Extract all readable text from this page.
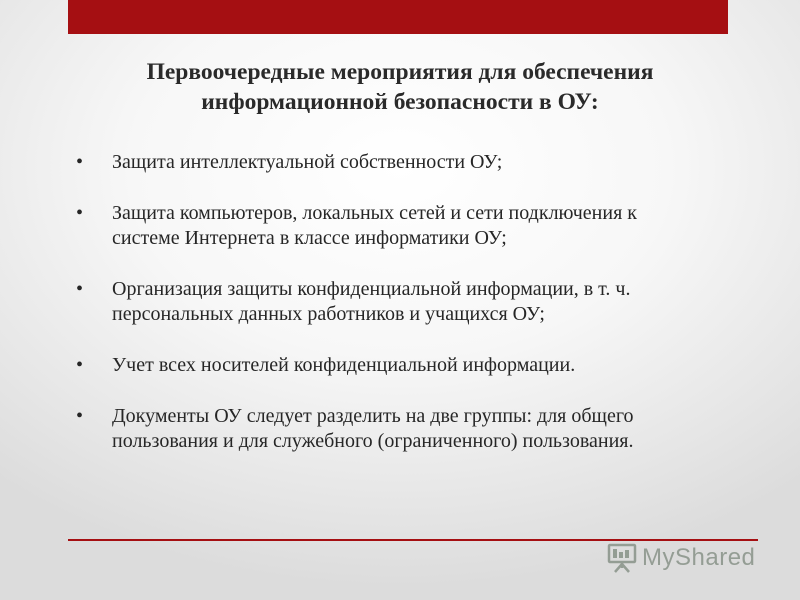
Первоочередные мероприятия для обеспечения
информационной безопасности в ОУ:
• Защита интеллектуальной собственности ОУ;
• Защита компьютеров, локальных сетей и сети подключения к
системе Интернета в классе информатики ОУ;
• Организация защиты конфиденциальной информации, в т. ч.
персональных данных работников и учащихся ОУ;
• Учет всех носителей конфиденциальной информации.
• Документы ОУ следует разделить на две группы: для общего
пользования и для служебного (ограниченного) пользования.
MyShared
